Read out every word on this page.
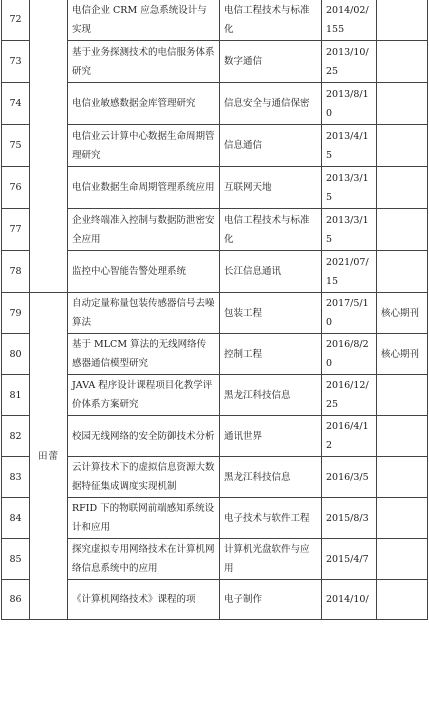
72		电信企业 CRM 应急系统设计与实现	电信工程技术与标准化	2014/02/155	
73		基于业务探测技术的电信服务体系研究	数字通信	2013/10/25	
74		电信业敏感数据金库管理研究	信息安全与通信保密	2013/8/10	
75		电信业云计算中心数据生命周期管理研究	信息通信	2013/4/15	
76		电信业数据生命周期管理系统应用	互联网天地	2013/3/15	
77		企业终端准入控制与数据防泄密安全应用	电信工程技术与标准化	2013/3/15	
78		监控中心智能告警处理系统	长江信息通讯	2021/07/15	
79	田蕾	自动定量称量包装传感器信号去噪算法	包装工程	2017/5/10	核心期刊
80		基于 MLCM 算法的无线网络传感器通信模型研究	控制工程	2016/8/20	核心期刊
81		JAVA 程序设计课程项目化教学评价体系方案研究	黑龙江科技信息	2016/12/25	
82		校园无线网络的安全防御技术分析	通讯世界	2016/4/12	
83		云计算技术下的虚拟信息资源大数据特征集成调度实现机制	黑龙江科技信息	2016/3/5	
84		RFID 下的物联网前端感知系统设计和应用	电子技术与软件工程	2015/8/3	
85		探究虚拟专用网络技术在计算机网络信息系统中的应用	计算机光盘软件与应用	2015/4/7	
86		《计算机网络技术》课程的项	电子制作	2014/10/	
